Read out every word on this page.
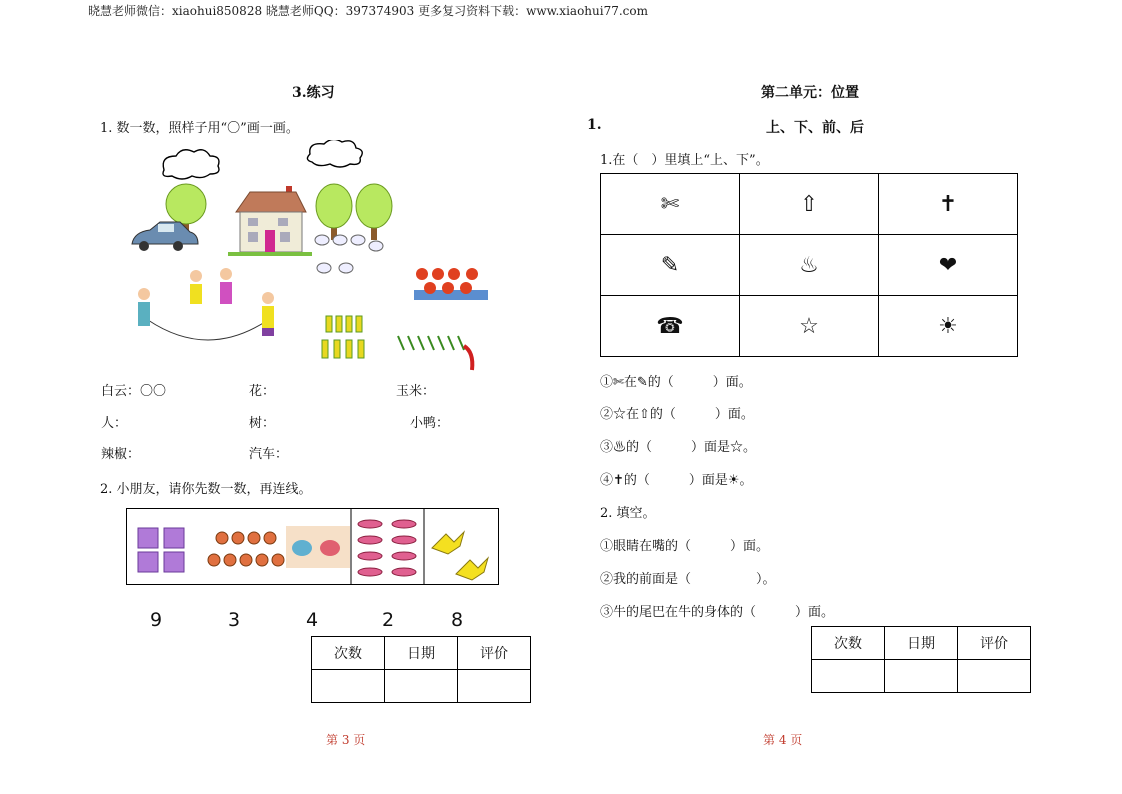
晓慧老师微信：xiaohui850828 晓慧老师QQ：397374903 更多复习资料下载：www.xiaohui77.com
3.练习
1. 数一数，照样子用“〇”画一画。
白云：〇〇	花：	玉米：
人：	树：	小鸭：
辣椒：	汽车：
2. 小朋友，请你先数一数，再连线。
9	3	4	2	8
次数	日期	评价

第 3 页
第二单元：位置
1.	上、下、前、后
1.在（　）里填上“上、下”。
✄	⇧	✝
✎	♨	❤
☎	☆	☀
①✄在✎的（　　　）面。
②☆在⇧的（　　　）面。
③♨的（　　　）面是☆。
④✝的（　　　）面是☀。
2. 填空。
①眼睛在嘴的（　　　）面。
②我的前面是（　　　　　）。
③牛的尾巴在牛的身体的（　　　）面。
次数	日期	评价

第 4 页
